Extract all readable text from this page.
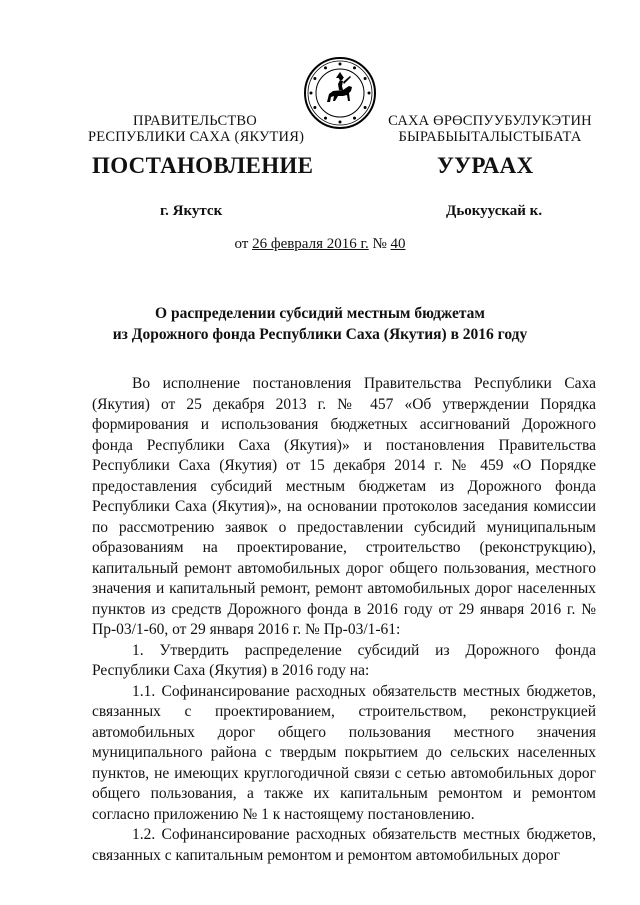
ПРАВИТЕЛЬСТВО
РЕСПУБЛИКИ САХА (ЯКУТИЯ)
САХА ӨРӨСПУУБУЛУКЭТИН
БЫРАБЫЫТАЛЫСТЫБАТА
ПОСТАНОВЛЕНИЕ	УУРААХ
г. Якутск	Дьокуускай к.
от 26 февраля 2016 г. № 40
О распределении субсидий местным бюджетам
из Дорожного фонда Республики Саха (Якутия) в 2016 году

Во исполнение постановления Правительства Республики Саха (Якутия) от 25 декабря 2013 г. № 457 «Об утверждении Порядка формирования и использования бюджетных ассигнований Дорожного фонда Республики Саха (Якутия)» и постановления Правительства Республики Саха (Якутия) от 15 декабря 2014 г. № 459 «О Порядке предоставления субсидий местным бюджетам из Дорожного фонда Республики Саха (Якутия)», на основании протоколов заседания комиссии по рассмотрению заявок о предоставлении субсидий муниципальным образованиям на проектирование, строительство (реконструкцию), капитальный ремонт автомобильных дорог общего пользования, местного значения и капитальный ремонт, ремонт автомобильных дорог населенных пунктов из средств Дорожного фонда в 2016 году от 29 января 2016 г. № Пр-03/1-60, от 29 января 2016 г. № Пр-03/1-61:

1. Утвердить распределение субсидий из Дорожного фонда Республики Саха (Якутия) в 2016 году на:

1.1. Софинансирование расходных обязательств местных бюджетов, связанных с проектированием, строительством, реконструкцией автомобильных дорог общего пользования местного значения муниципального района с твердым покрытием до сельских населенных пунктов, не имеющих круглогодичной связи с сетью автомобильных дорог общего пользования, а также их капитальным ремонтом и ремонтом согласно приложению № 1 к настоящему постановлению.

1.2. Софинансирование расходных обязательств местных бюджетов, связанных с капитальным ремонтом и ремонтом автомобильных дорог
